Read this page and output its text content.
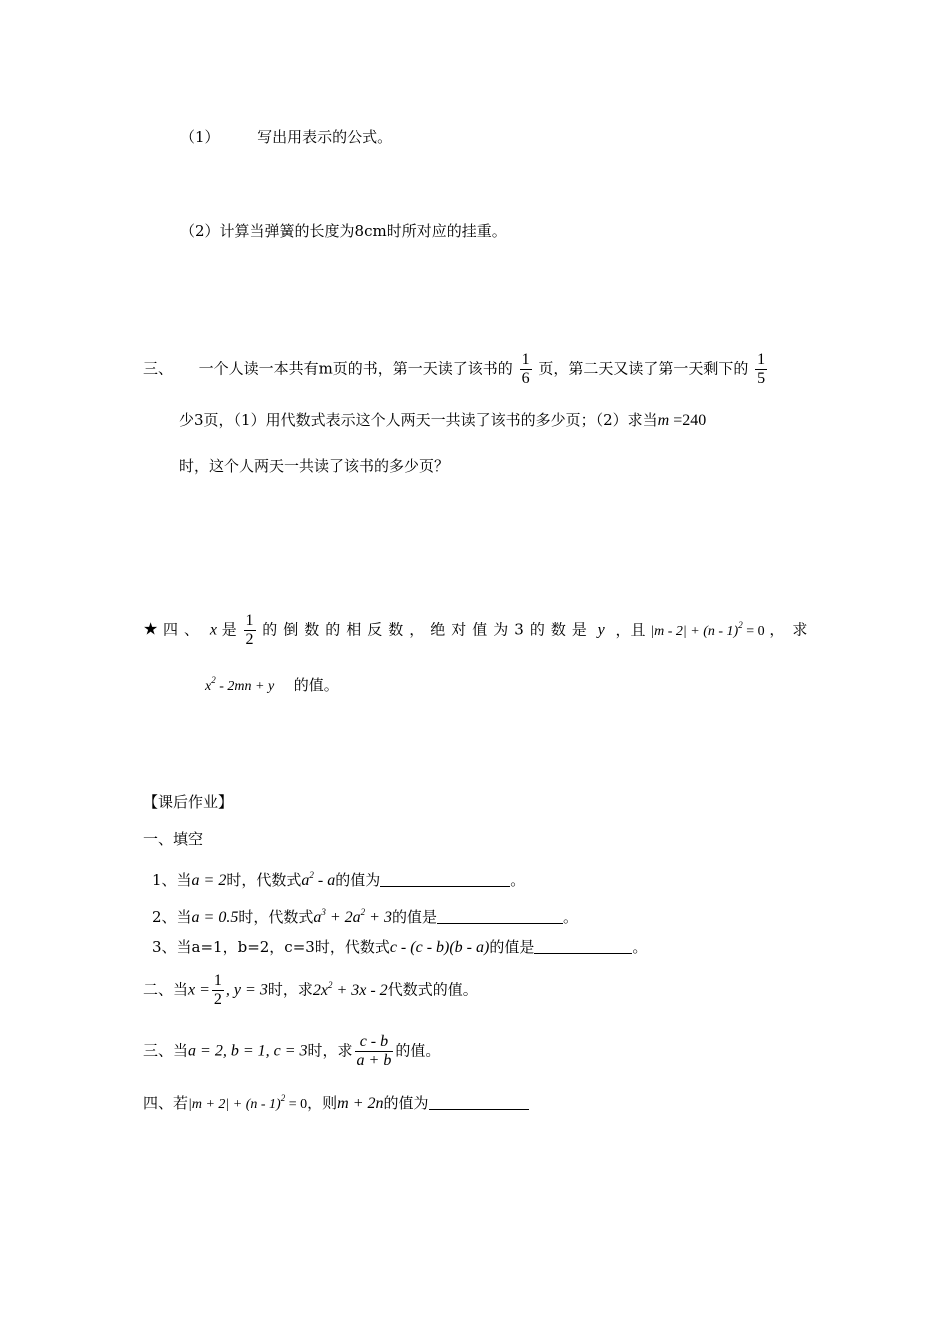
（1）	写出用表示的公式。
（2）计算当弹簧的长度为8cm时所对应的挂重。
三、 一个人读一本共有m页的书，第一天读了该书的 $\frac{1}{6}$ 页，第二天又读了第一天剩下的 $\frac{1}{5}$
少3页，（1）用代数式表示这个人两天一共读了该书的多少页；（2）求当m =240
时，这个人两天一共读了该书的多少页？
★ 四、 x 是 $\frac{1}{2}$ 的倒数的相反数，绝对值为3的数是 y ，且 |m - 2| + (n - 1)$^2$ = 0 ，求
$x^2 - 2mn + y$ 的值。
【课后作业】
一、填空
1、当a = 2时，代数式$a^2$ - a的值为	。
2、当a = 0.5时，代数式$a^3 + 2a^2 + 3$的值是	。
3、当a=1，b=2，c=3时，代数式c - (c - b)(b - a)的值是	。
二、当$x = \frac{1}{2}$ , y = 3时，求$2x^2 + 3x - 2$代数式的值。
三、当a = 2, b = 1, c = 3时，求 $\frac{c - b}{a + b}$ 的值。
四、若|m + 2| + (n - 1)$^2$ = 0，则m + 2n的值为
